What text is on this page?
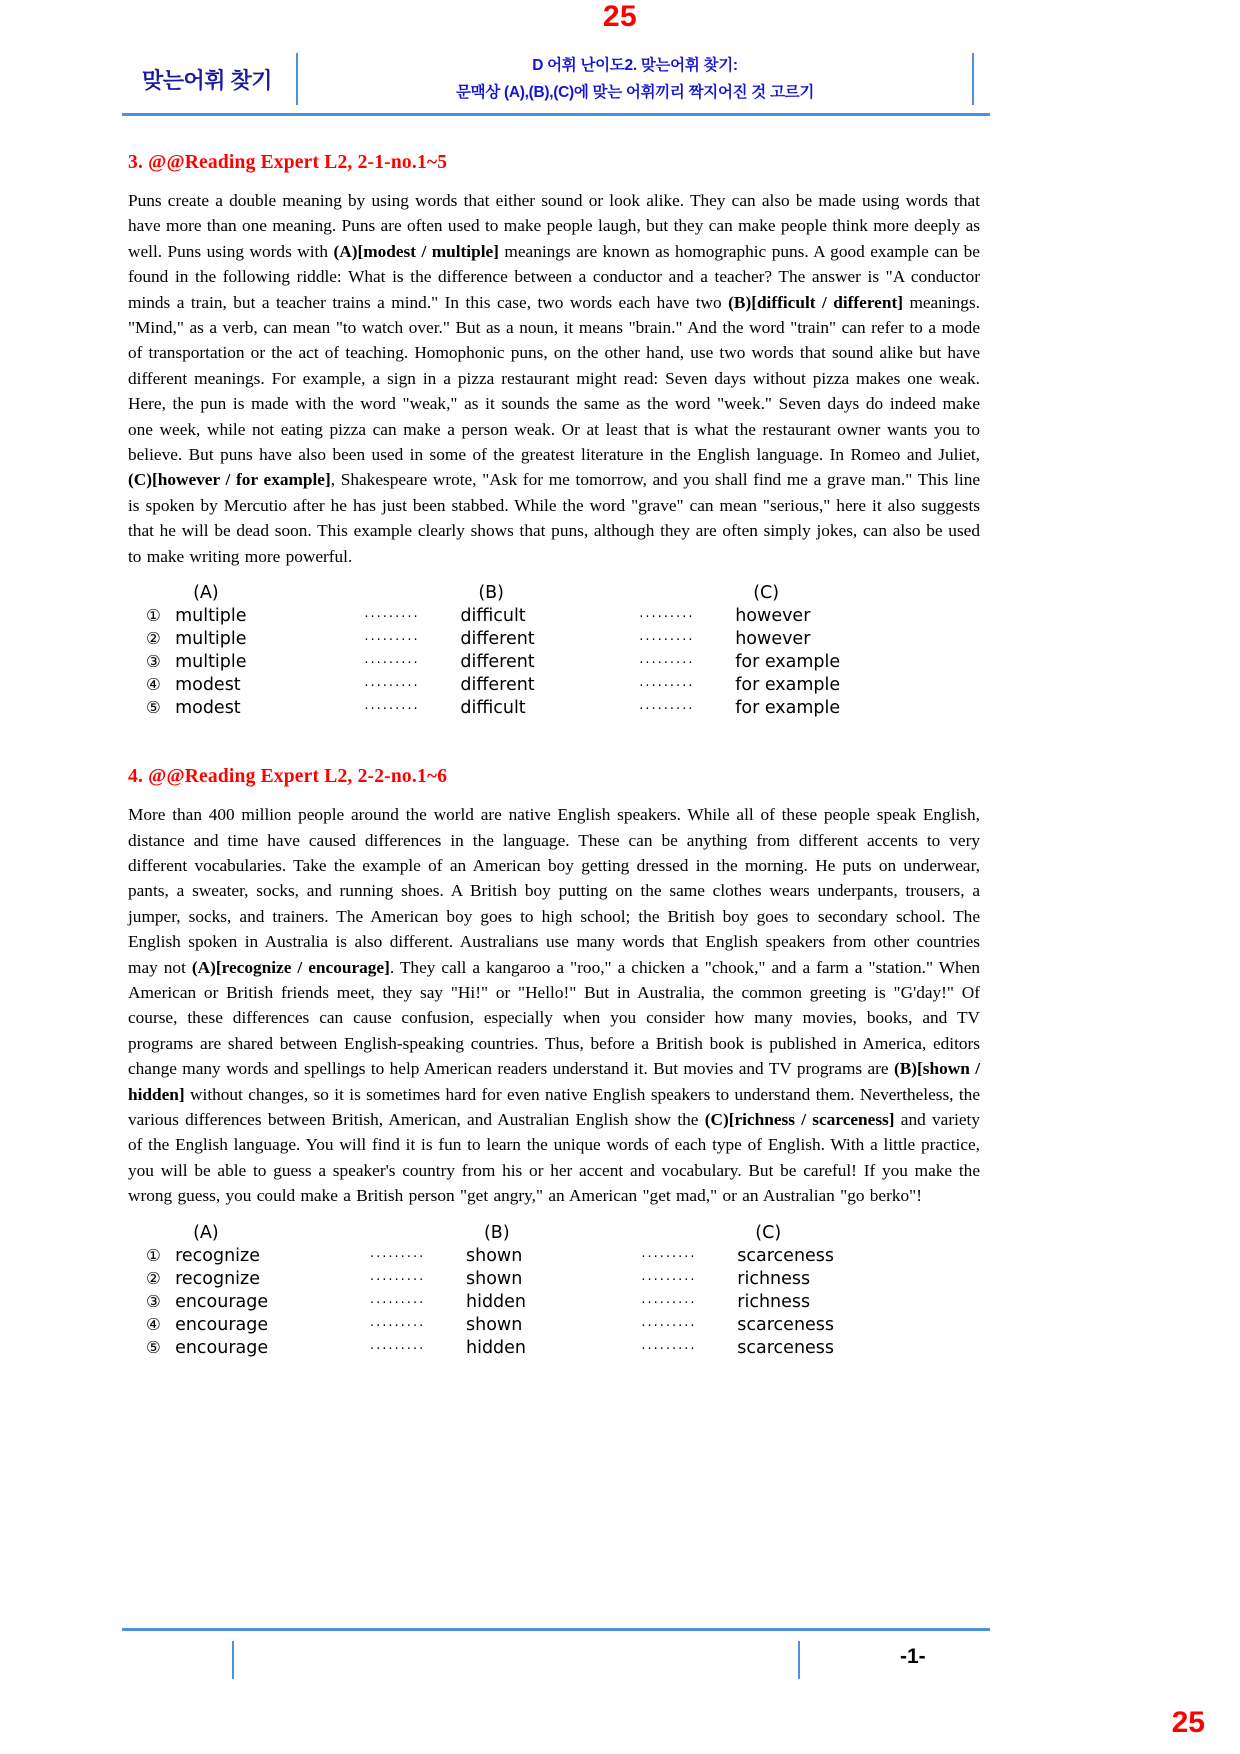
25
맞는어휘 찾기
D 어휘 난이도2. 맞는어휘 찾기:
문맥상 (A),(B),(C)에 맞는 어휘끼리 짝지어진 것 고르기
3. @@Reading Expert L2, 2-1-no.1~5
Puns create a double meaning by using words that either sound or look alike. They can also be made using words that have more than one meaning. Puns are often used to make people laugh, but they can make people think more deeply as well. Puns using words with (A)[modest / multiple] meanings are known as homographic puns. A good example can be found in the following riddle: What is the difference between a conductor and a teacher? The answer is "A conductor minds a train, but a teacher trains a mind." In this case, two words each have two (B)[difficult / different] meanings. "Mind," as a verb, can mean "to watch over." But as a noun, it means "brain." And the word "train" can refer to a mode of transportation or the act of teaching. Homophonic puns, on the other hand, use two words that sound alike but have different meanings. For example, a sign in a pizza restaurant might read: Seven days without pizza makes one weak. Here, the pun is made with the word "weak," as it sounds the same as the word "week." Seven days do indeed make one week, while not eating pizza can make a person weak. Or at least that is what the restaurant owner wants you to believe. But puns have also been used in some of the greatest literature in the English language. In Romeo and Juliet, (C)[however / for example], Shakespeare wrote, "Ask for me tomorrow, and you shall find me a grave man." This line is spoken by Mercutio after he has just been stabbed. While the word "grave" can mean "serious," here it also suggests that he will be dead soon. This example clearly shows that puns, although they are often simply jokes, can also be used to make writing more powerful.
	(A)		(B)		(C)
①	multiple	·········	difficult	·········	however
②	multiple	·········	different	·········	however
③	multiple	·········	different	·········	for example
④	modest	·········	different	·········	for example
⑤	modest	·········	difficult	·········	for example
4. @@Reading Expert L2, 2-2-no.1~6
More than 400 million people around the world are native English speakers. While all of these people speak English, distance and time have caused differences in the language. These can be anything from different accents to very different vocabularies. Take the example of an American boy getting dressed in the morning. He puts on underwear, pants, a sweater, socks, and running shoes. A British boy putting on the same clothes wears underpants, trousers, a jumper, socks, and trainers. The American boy goes to high school; the British boy goes to secondary school. The English spoken in Australia is also different. Australians use many words that English speakers from other countries may not (A)[recognize / encourage]. They call a kangaroo a "roo," a chicken a "chook," and a farm a "station." When American or British friends meet, they say "Hi!" or "Hello!" But in Australia, the common greeting is "G'day!" Of course, these differences can cause confusion, especially when you consider how many movies, books, and TV programs are shared between English-speaking countries. Thus, before a British book is published in America, editors change many words and spellings to help American readers understand it. But movies and TV programs are (B)[shown / hidden] without changes, so it is sometimes hard for even native English speakers to understand them. Nevertheless, the various differences between British, American, and Australian English show the (C)[richness / scarceness] and variety of the English language. You will find it is fun to learn the unique words of each type of English. With a little practice, you will be able to guess a speaker's country from his or her accent and vocabulary. But be careful! If you make the wrong guess, you could make a British person "get angry," an American "get mad," or an Australian "go berko"!
	(A)		(B)		(C)
①	recognize	·········	shown	·········	scarceness
②	recognize	·········	shown	·········	richness
③	encourage	·········	hidden	·········	richness
④	encourage	·········	shown	·········	scarceness
⑤	encourage	·········	hidden	·········	scarceness
-1-
25
